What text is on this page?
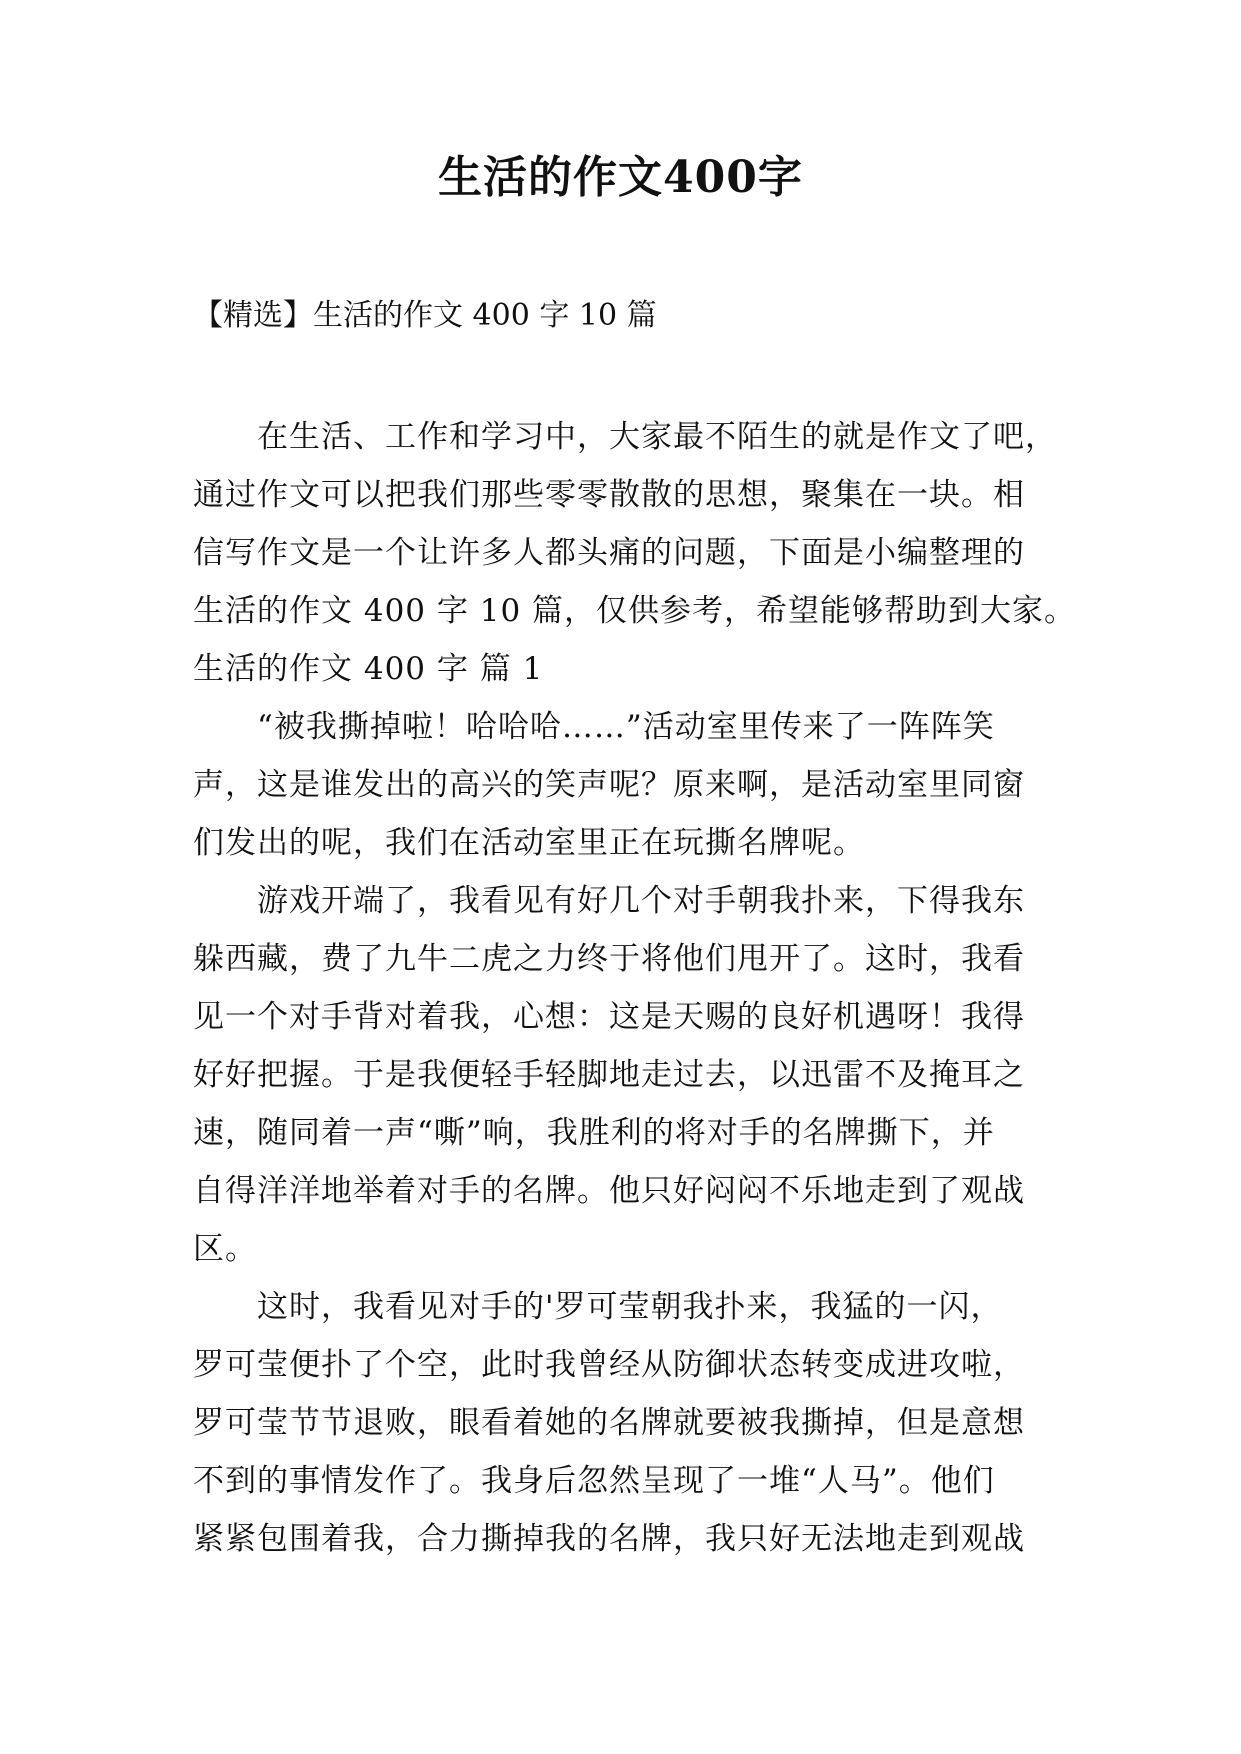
生活的作文400字
【精选】生活的作文 400 字 10 篇
在生活、工作和学习中，大家最不陌生的就是作文了吧，
通过作文可以把我们那些零零散散的思想，聚集在一块。相
信写作文是一个让许多人都头痛的问题，下面是小编整理的
生活的作文 400 字 10 篇，仅供参考，希望能够帮助到大家。
生活的作文 400 字 篇 1
“被我撕掉啦！哈哈哈……”活动室里传来了一阵阵笑
声，这是谁发出的高兴的笑声呢？原来啊，是活动室里同窗
们发出的呢，我们在活动室里正在玩撕名牌呢。
游戏开端了，我看见有好几个对手朝我扑来，下得我东
躲西藏，费了九牛二虎之力终于将他们甩开了。这时，我看
见一个对手背对着我，心想：这是天赐的良好机遇呀！我得
好好把握。于是我便轻手轻脚地走过去，以迅雷不及掩耳之
速，随同着一声“嘶”响，我胜利的将对手的名牌撕下，并
自得洋洋地举着对手的名牌。他只好闷闷不乐地走到了观战
区。
这时，我看见对手的'罗可莹朝我扑来，我猛的一闪，
罗可莹便扑了个空，此时我曾经从防御状态转变成进攻啦，
罗可莹节节退败，眼看着她的名牌就要被我撕掉，但是意想
不到的事情发作了。我身后忽然呈现了一堆“人马”。他们
紧紧包围着我，合力撕掉我的名牌，我只好无法地走到观战
